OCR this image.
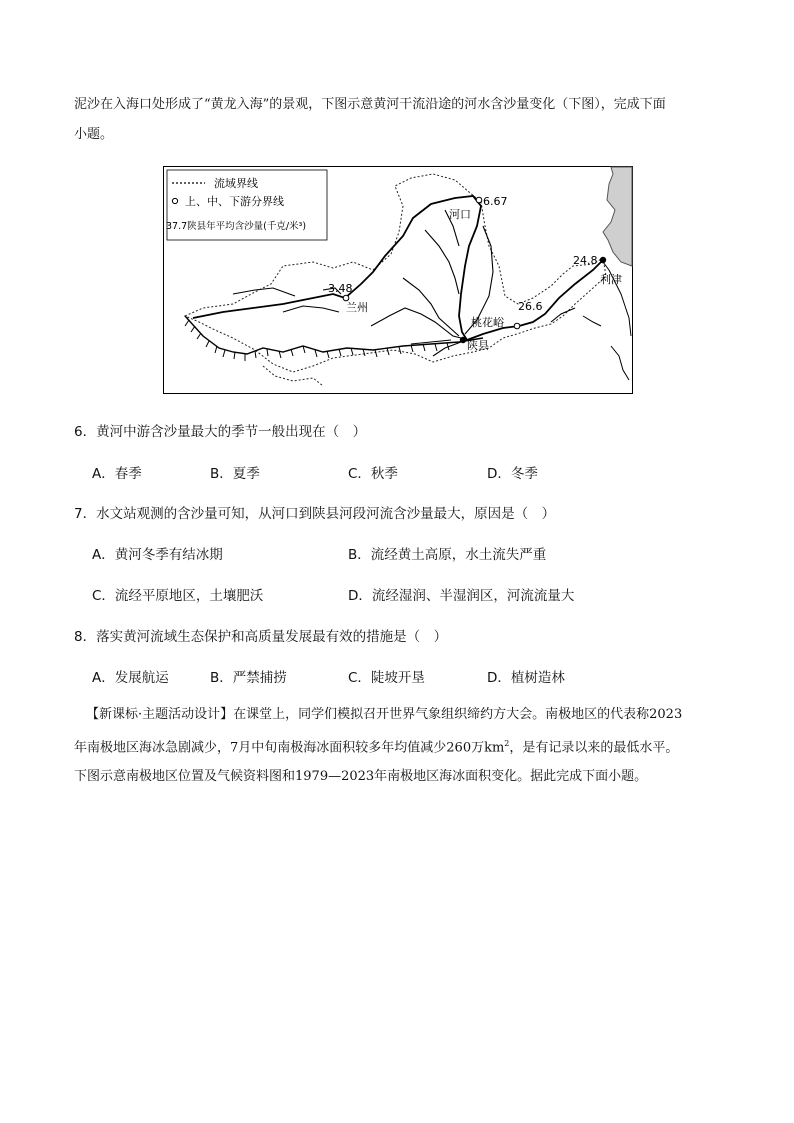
泥沙在入海口处形成了“黄龙入海”的景观，下图示意黄河干流沿途的河水含沙量变化（下图），完成下面

小题。

流域界线
上、中、下游分界线
37.7陕县年平均含沙量(千克/米³)
6.67
河口
3.48
兰州	26.6
桃花峪
陕县
24.8
利津
6．黄河中游含沙量最大的季节一般出现在（　）
A．春季	B．夏季	C．秋季	D．冬季
7．水文站观测的含沙量可知，从河口到陕县河段河流含沙量最大，原因是（　）
A．黄河冬季有结冰期	B．流经黄土高原，水土流失严重
C．流经平原地区，土壤肥沃	D．流经湿润、半湿润区，河流流量大
8．落实黄河流域生态保护和高质量发展最有效的措施是（　）
A．发展航运	B．严禁捕捞	C．陡坡开垦	D．植树造林

【新课标·主题活动设计】在课堂上，同学们模拟召开世界气象组织缔约方大会。南极地区的代表称2023

年南极地区海冰急剧减少，7月中旬南极海冰面积较多年均值减少260万$km^2$，是有记录以来的最低水平。

下图示意南极地区位置及气候资料图和1979—2023年南极地区海冰面积变化。据此完成下面小题。
